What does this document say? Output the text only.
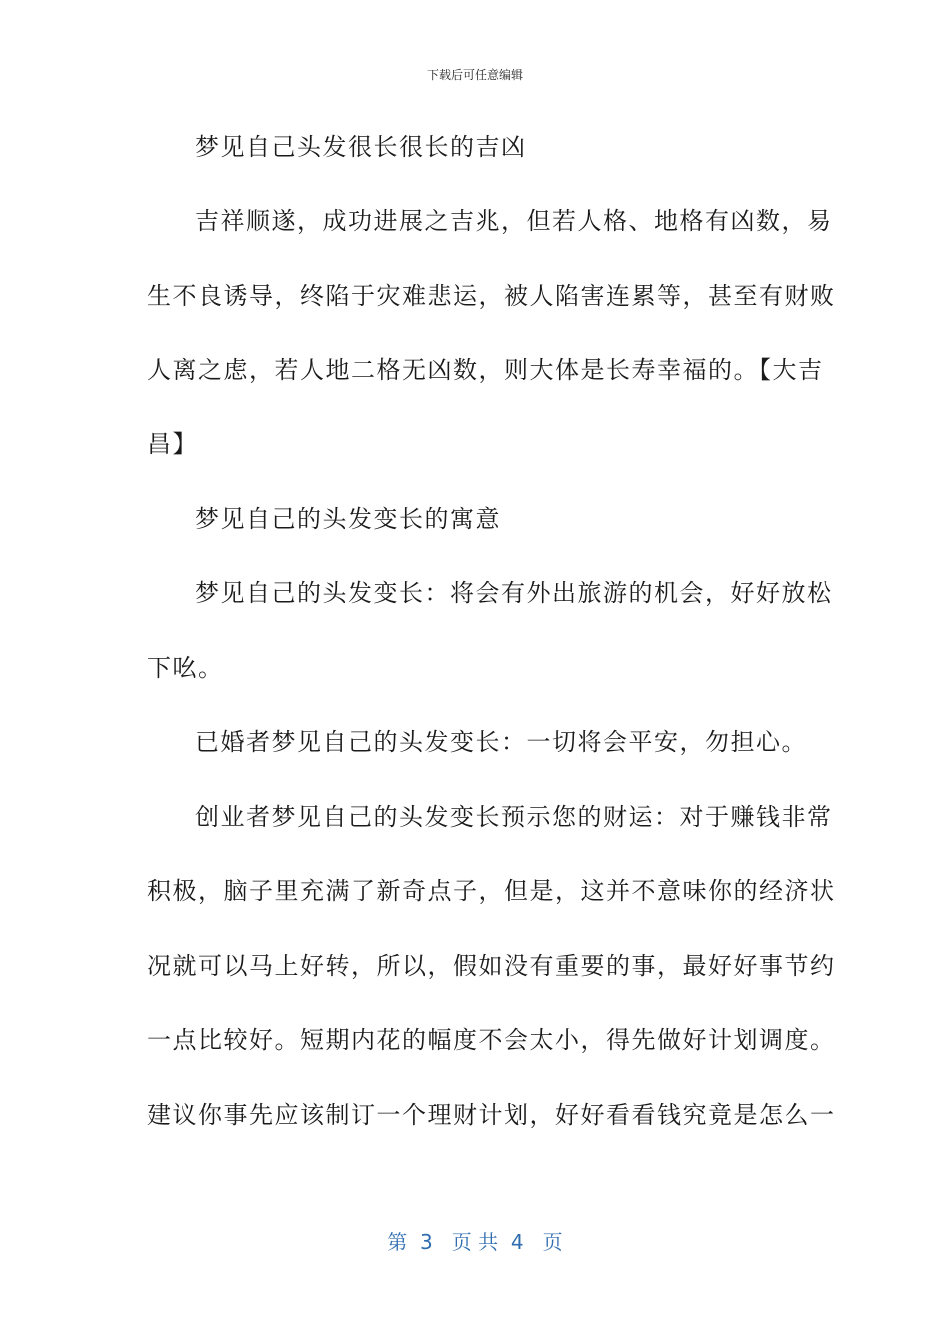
下载后可任意编辑
梦见自己头发很长很长的吉凶
吉祥顺遂，成功进展之吉兆，但若人格、地格有凶数，易
生不良诱导，终陷于灾难悲运，被人陷害连累等，甚至有财败
人离之虑，若人地二格无凶数，则大体是长寿幸福的。【大吉
昌】
梦见自己的头发变长的寓意
梦见自己的头发变长：将会有外出旅游的机会，好好放松
下吆。
已婚者梦见自己的头发变长：一切将会平安，勿担心。
创业者梦见自己的头发变长预示您的财运：对于赚钱非常
积极，脑子里充满了新奇点子，但是，这并不意味你的经济状
况就可以马上好转，所以，假如没有重要的事，最好好事节约
一点比较好。短期内花的幅度不会太小，得先做好计划调度。
建议你事先应该制订一个理财计划，好好看看钱究竟是怎么一
第  3   页 共  4   页
